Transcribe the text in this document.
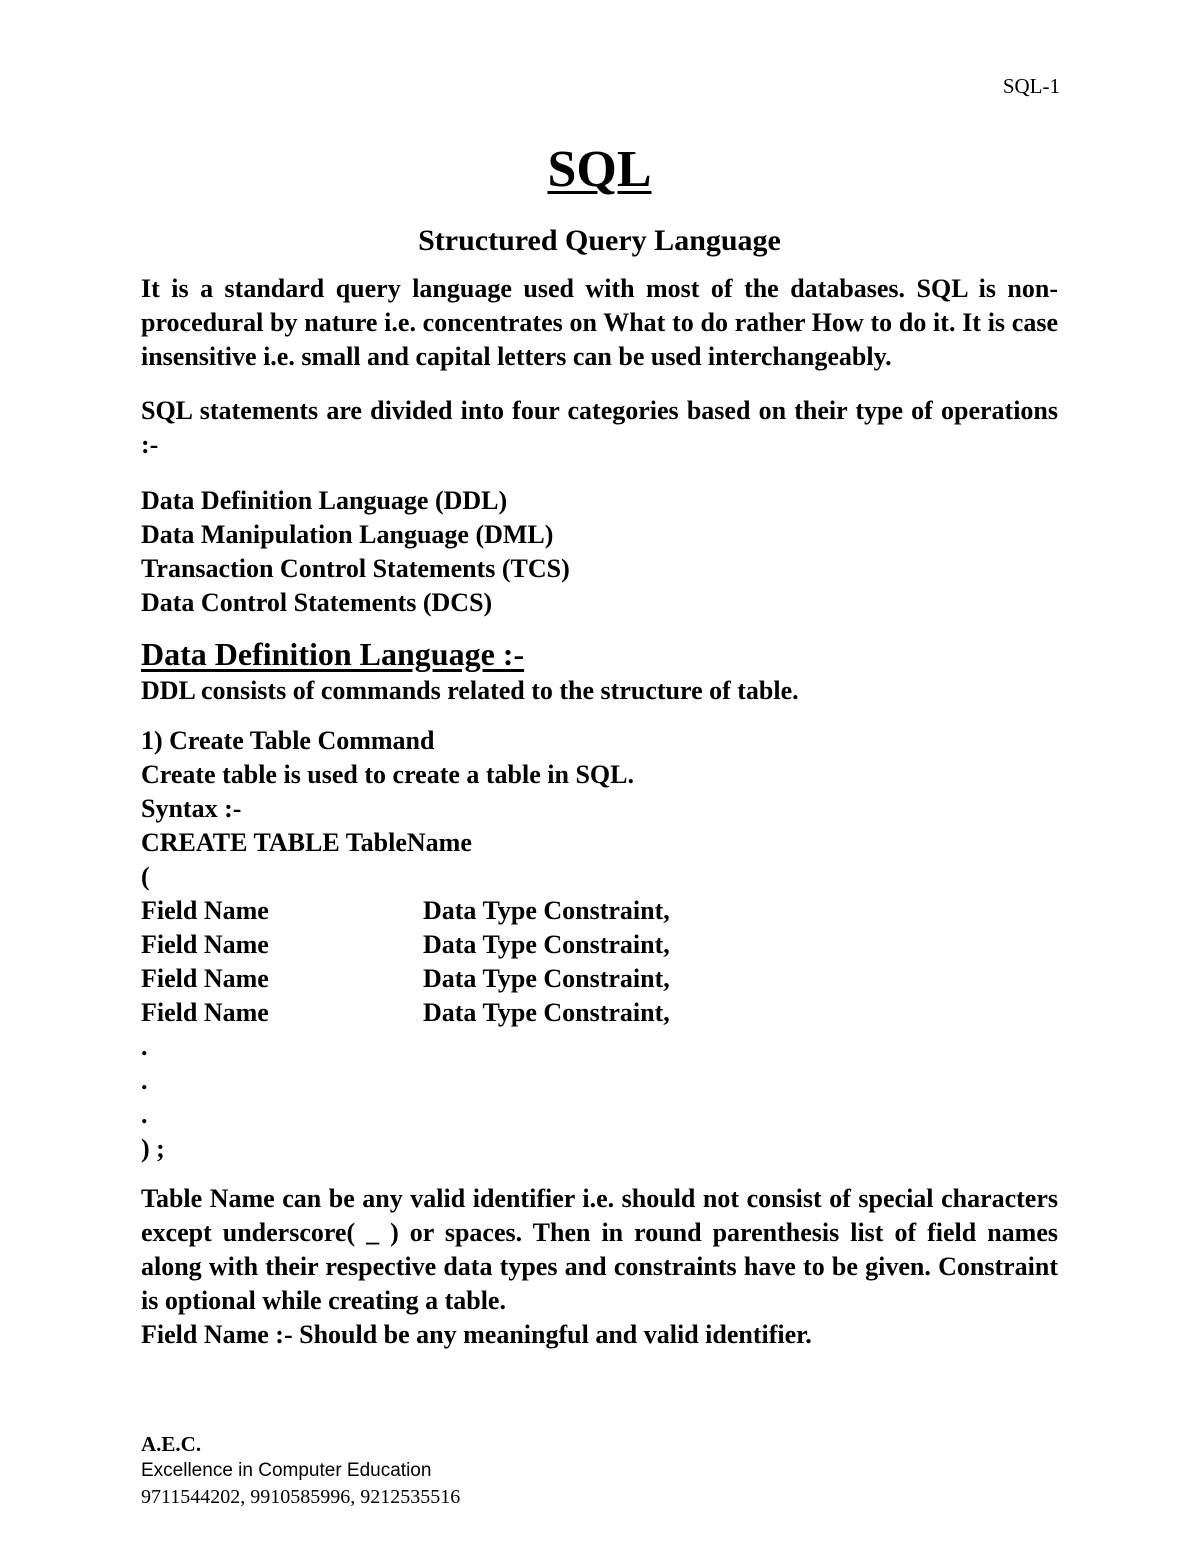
SQL-1
SQL
Structured Query Language

It is a standard query language used with most of the databases. SQL is non-procedural by nature i.e. concentrates on What to do rather How to do it. It is case insensitive i.e. small and capital letters can be used interchangeably.

SQL statements are divided into four categories based on their type of operations :-

Data Definition Language (DDL)
Data Manipulation Language (DML)
Transaction Control Statements (TCS)
Data Control Statements (DCS)
Data Definition Language :-

DDL consists of commands related to the structure of table.

1) Create Table Command

Create table is used to create a table in SQL.

Syntax :-

CREATE TABLE TableName

(

Field Name	Data Type Constraint,
Field Name	Data Type Constraint,
Field Name	Data Type Constraint,
Field Name	Data Type Constraint,

.

.

.

) ;

Table Name can be any valid identifier i.e. should not consist of special characters except underscore( _ ) or spaces. Then in round parenthesis list of field names along with their respective data types and constraints have to be given. Constraint is optional while creating a table.

Field Name :- Should be any meaningful and valid identifier.

A.E.C.
Excellence in Computer Education
9711544202, 9910585996, 9212535516
